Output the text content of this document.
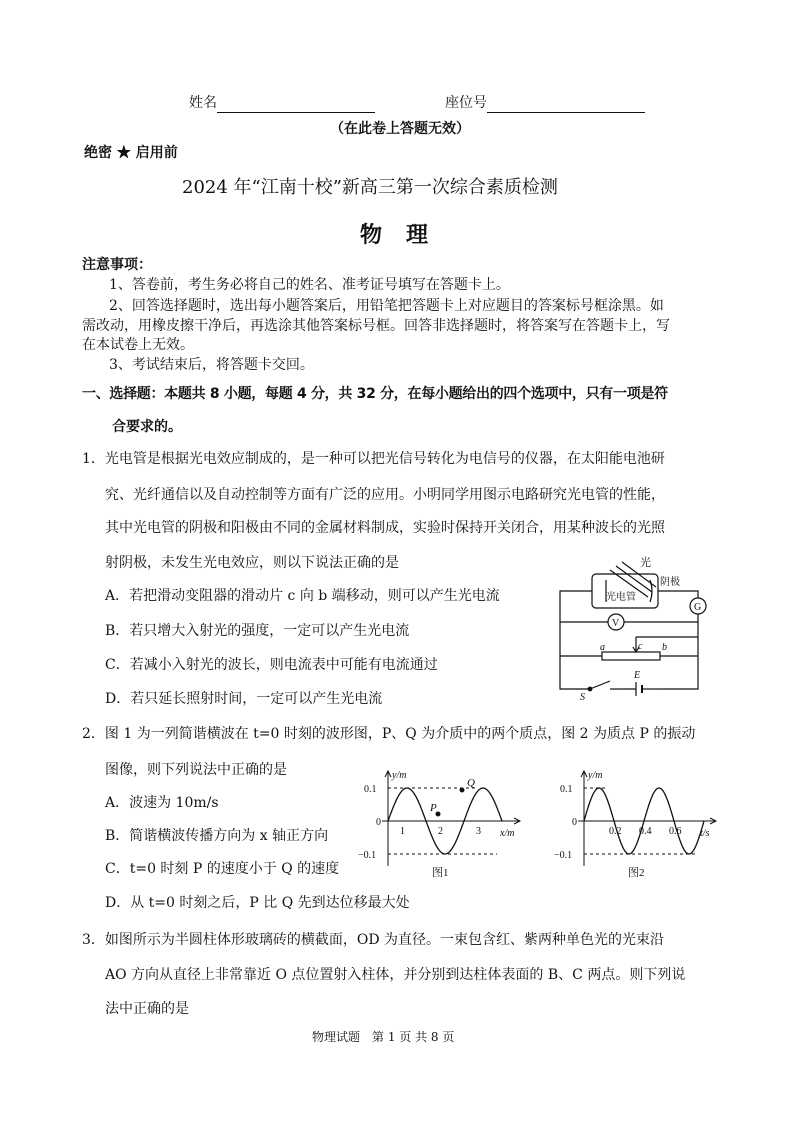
姓名	座位号
（在此卷上答题无效）
绝密 ★ 启用前
2024 年“江南十校”新高三第一次综合素质检测
物　理
注意事项：
1、答卷前，考生务必将自己的姓名、准考证号填写在答题卡上。
2、回答选择题时，选出每小题答案后，用铅笔把答题卡上对应题目的答案标号框涂黑。如
需改动，用橡皮擦干净后，再选涂其他答案标号框。回答非选择题时，将答案写在答题卡上，写
在本试卷上无效。
3、考试结束后，将答题卡交回。
一、选择题：本题共 8 小题，每题 4 分，共 32 分，在每小题给出的四个选项中，只有一项是符
合要求的。
1．光电管是根据光电效应制成的，是一种可以把光信号转化为电信号的仪器，在太阳能电池研
究、光纤通信以及自动控制等方面有广泛的应用。小明同学用图示电路研究光电管的性能，
其中光电管的阴极和阳极由不同的金属材料制成，实验时保持开关闭合，用某种波长的光照
射阴极，未发生光电效应，则以下说法正确的是
A．若把滑动变阻器的滑动片 c 向 b 端移动，则可以产生光电流
B．若只增大入射光的强度，一定可以产生光电流
C．若减小入射光的波长，则电流表中可能有电流通过
D．若只延长照射时间，一定可以产生光电流
光
光电管
阴极
G
V
a	c b
E
S
2．图 1 为一列简谐横波在 t=0 时刻的波形图，P、Q 为介质中的两个质点，图 2 为质点 P 的振动
图像，则下列说法中正确的是
A．波速为 10m/s
B．简谐横波传播方向为 x 轴正方向
C．t=0 时刻 P 的速度小于 Q 的速度
D．从 t=0 时刻之后，P 比 Q 先到达位移最大处
P
Q
y/m
x/m
0.1
−0.1
0
1	2	3
图1
y/m
t/s
0.1
−0.1
0
0.2 0.4 0.6
图2
3．如图所示为半圆柱体形玻璃砖的横截面，OD 为直径。一束包含红、紫两种单色光的光束沿
AO 方向从直径上非常靠近 O 点位置射入柱体，并分别到达柱体表面的 B、C 两点。则下列说
法中正确的是
物理试题　第 1 页 共 8 页
